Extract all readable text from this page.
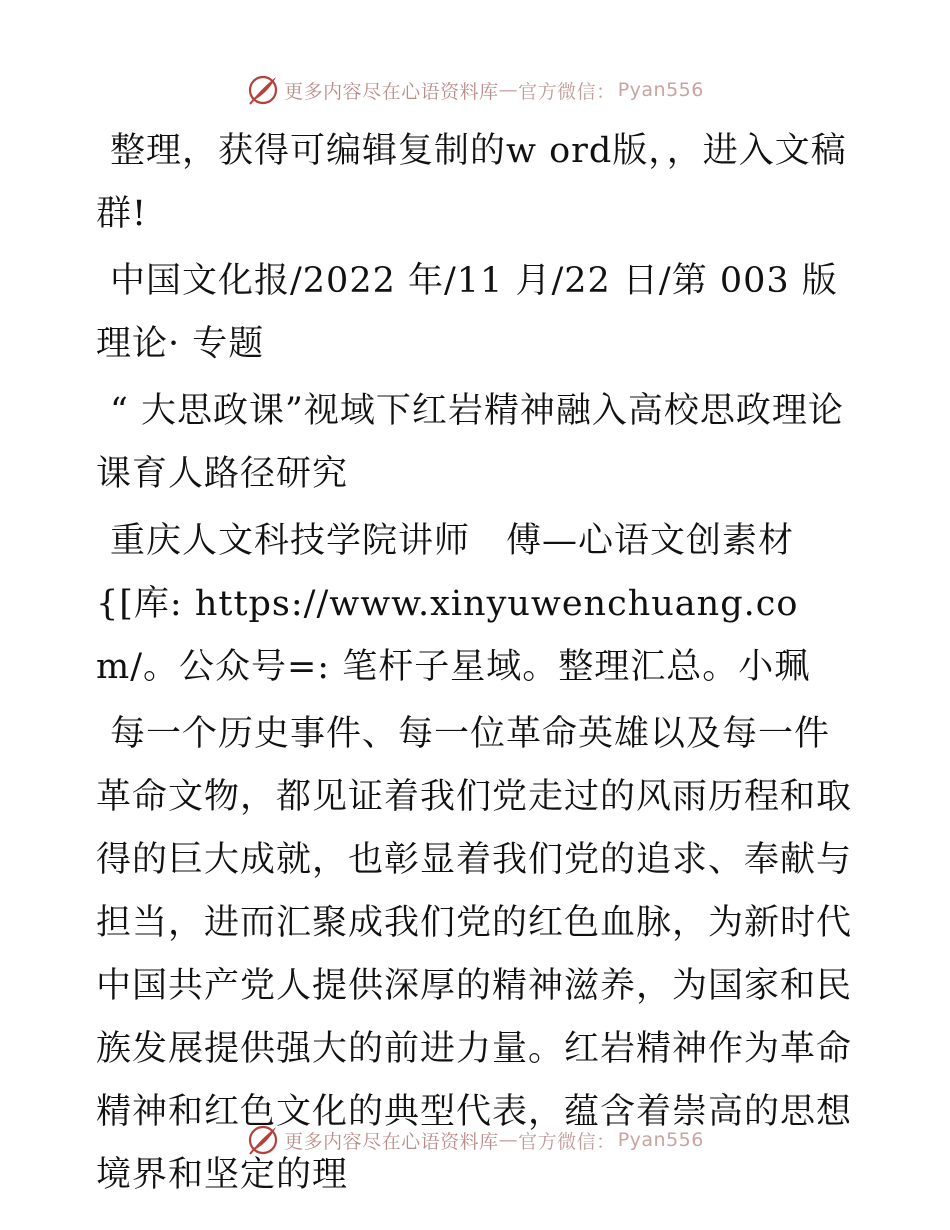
更多内容尽在心语资料库 — 官方微信： Pyan556

整理，获得可编辑复制的w ord版，，进入文稿群!

中国文化报/2022 年/11 月/22 日/第 003 版理论· 专题

“ 大思政课”视域下红岩精神融入高校思政理论课育人路径研究

重庆人文科技学院讲师　傅—心语文创素材{[库: https://www.xinyuwenchuang.com/。公众号=: 笔杆子星域。整理汇总。小珮

每一个历史事件、每一位革命英雄以及每一件革命文物，都见证着我们党走过的风雨历程和取得的巨大成就，也彰显着我们党的追求、奉献与担当，进而汇聚成我们党的红色血脉，为新时代中国共产党人提供深厚的精神滋养，为国家和民族发展提供强大的前进力量。红岩精神作为革命精神和红色文化的典型代表，蕴含着崇高的思想境界和坚定的理

更多内容尽在心语资料库 — 官方微信： Pyan556
